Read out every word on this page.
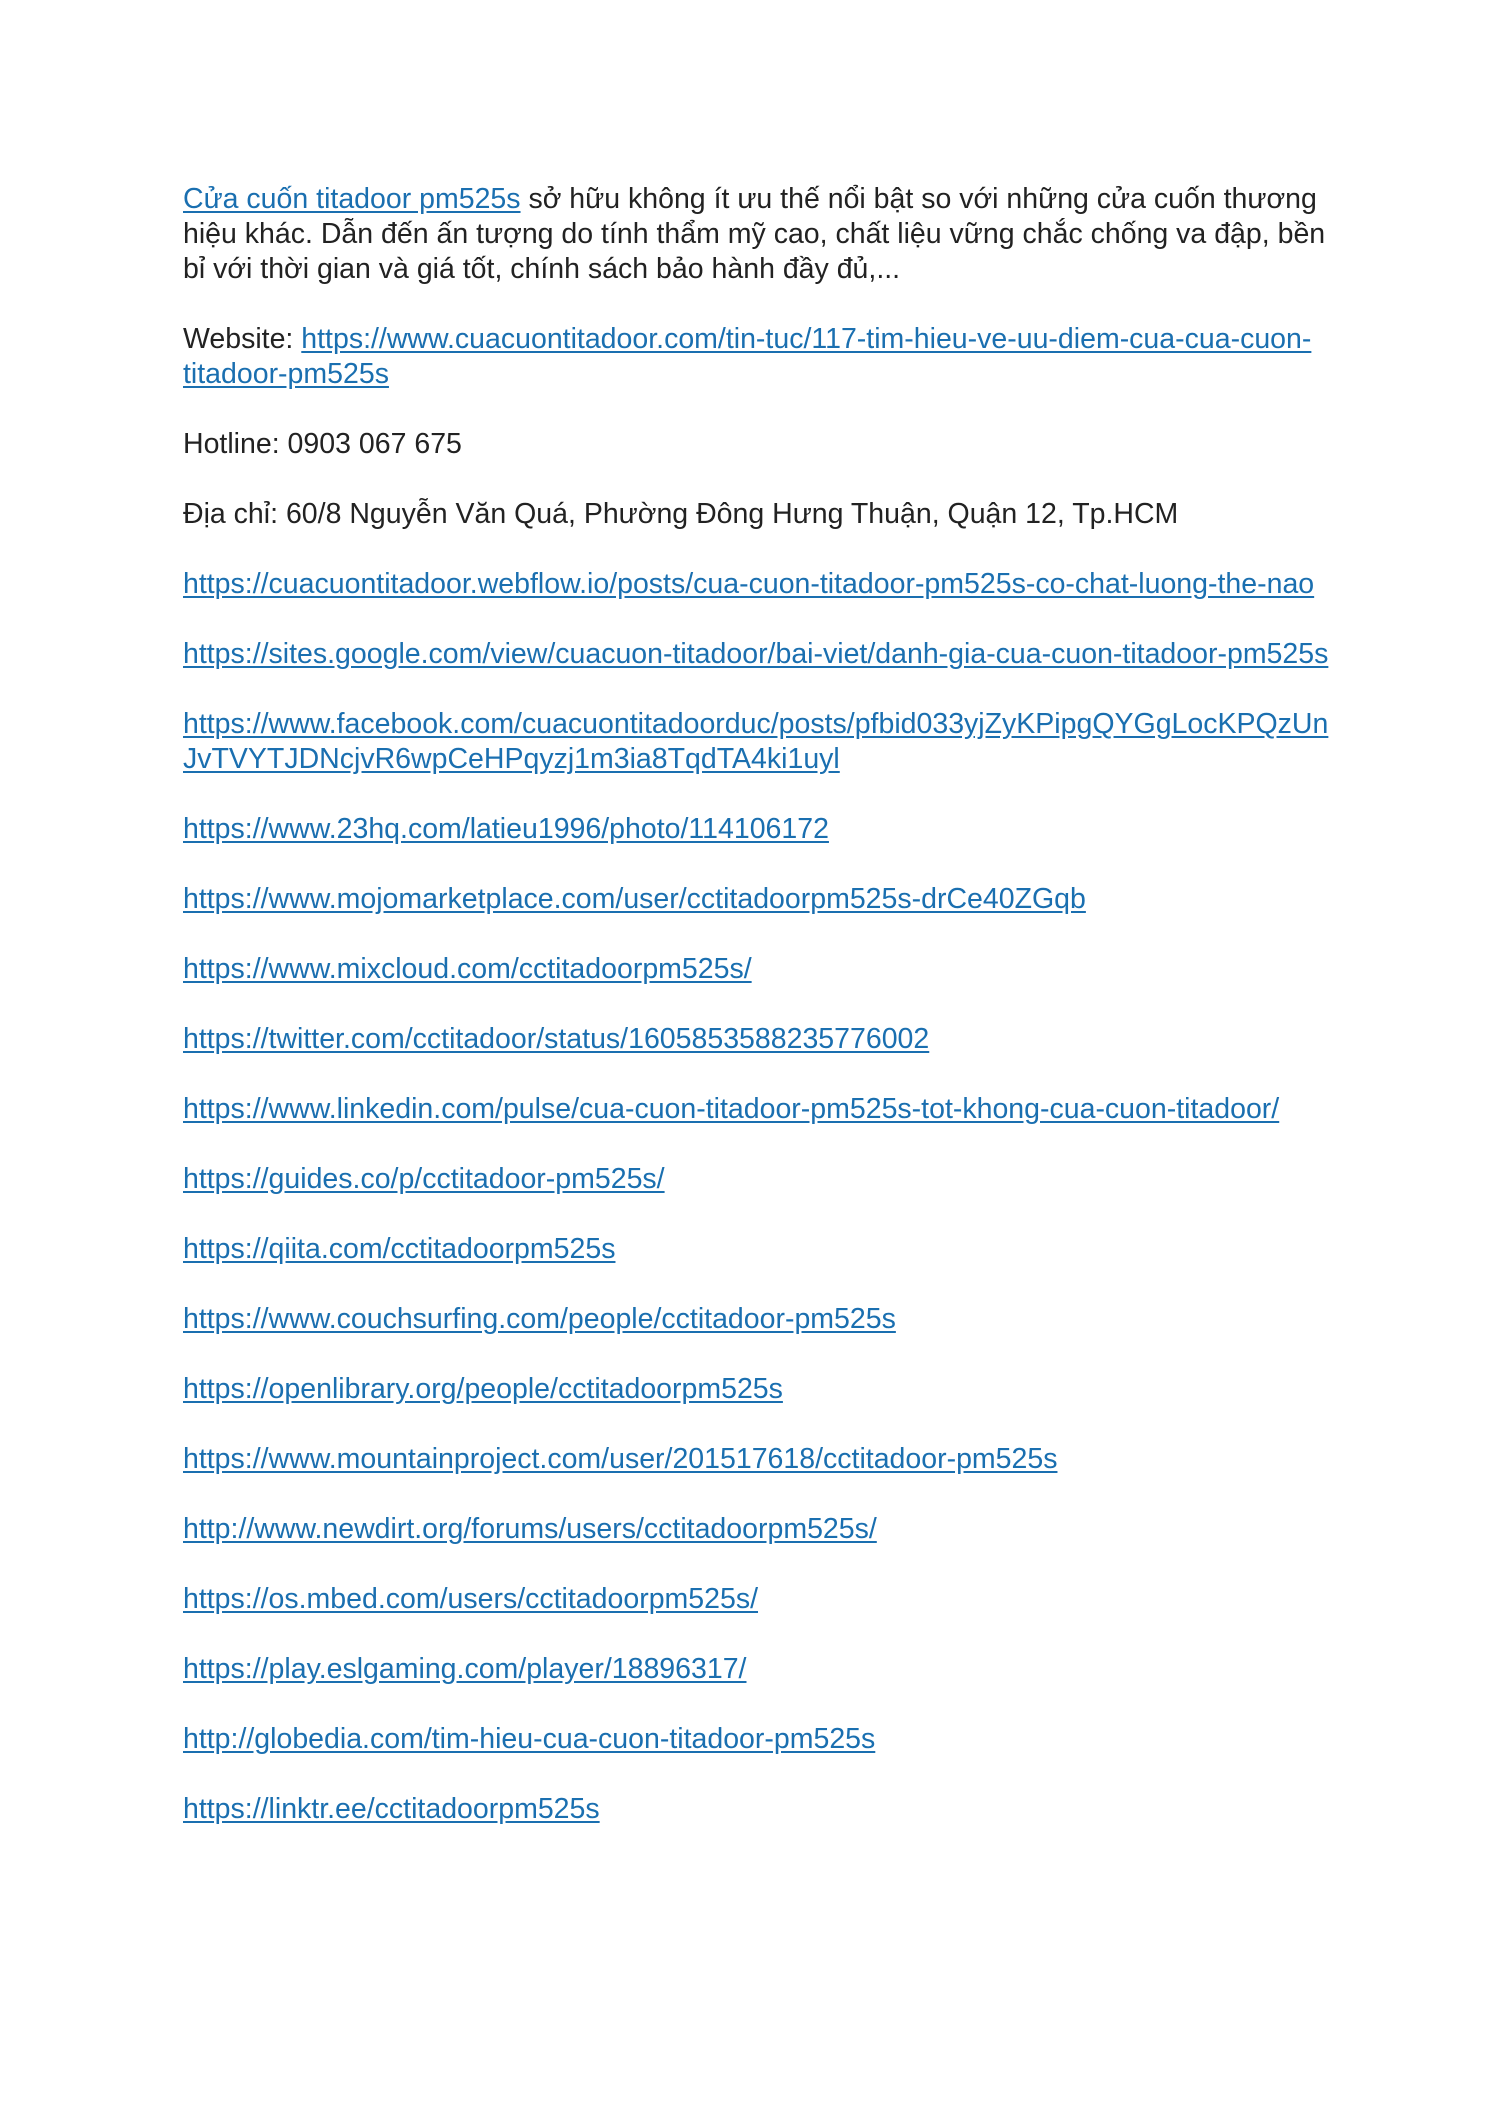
Cửa cuốn titadoor pm525s sở hữu không ít ưu thế nổi bật so với những cửa cuốn thương hiệu khác. Dẫn đến ấn tượng do tính thẩm mỹ cao, chất liệu vững chắc chống va đập, bền bỉ với thời gian và giá tốt, chính sách bảo hành đầy đủ,...

Website: https://www.cuacuontitadoor.com/tin-tuc/117-tim-hieu-ve-uu-diem-cua-cua-cuon-titadoor-pm525s

Hotline: 0903 067 675

Địa chỉ: 60/8 Nguyễn Văn Quá, Phường Đông Hưng Thuận, Quận 12, Tp.HCM

https://cuacuontitadoor.webflow.io/posts/cua-cuon-titadoor-pm525s-co-chat-luong-the-nao

https://sites.google.com/view/cuacuon-titadoor/bai-viet/danh-gia-cua-cuon-titadoor-pm525s

https://www.facebook.com/cuacuontitadoorduc/posts/pfbid033yjZyKPipgQYGgLocKPQzUnJvTVYTJDNcjvR6wpCeHPqyzj1m3ia8TqdTA4ki1uyl

https://www.23hq.com/latieu1996/photo/114106172

https://www.mojomarketplace.com/user/cctitadoorpm525s-drCe40ZGqb

https://www.mixcloud.com/cctitadoorpm525s/

https://twitter.com/cctitadoor/status/1605853588235776002

https://www.linkedin.com/pulse/cua-cuon-titadoor-pm525s-tot-khong-cua-cuon-titadoor/

https://guides.co/p/cctitadoor-pm525s/

https://qiita.com/cctitadoorpm525s

https://www.couchsurfing.com/people/cctitadoor-pm525s

https://openlibrary.org/people/cctitadoorpm525s

https://www.mountainproject.com/user/201517618/cctitadoor-pm525s

http://www.newdirt.org/forums/users/cctitadoorpm525s/

https://os.mbed.com/users/cctitadoorpm525s/

https://play.eslgaming.com/player/18896317/

http://globedia.com/tim-hieu-cua-cuon-titadoor-pm525s

https://linktr.ee/cctitadoorpm525s
